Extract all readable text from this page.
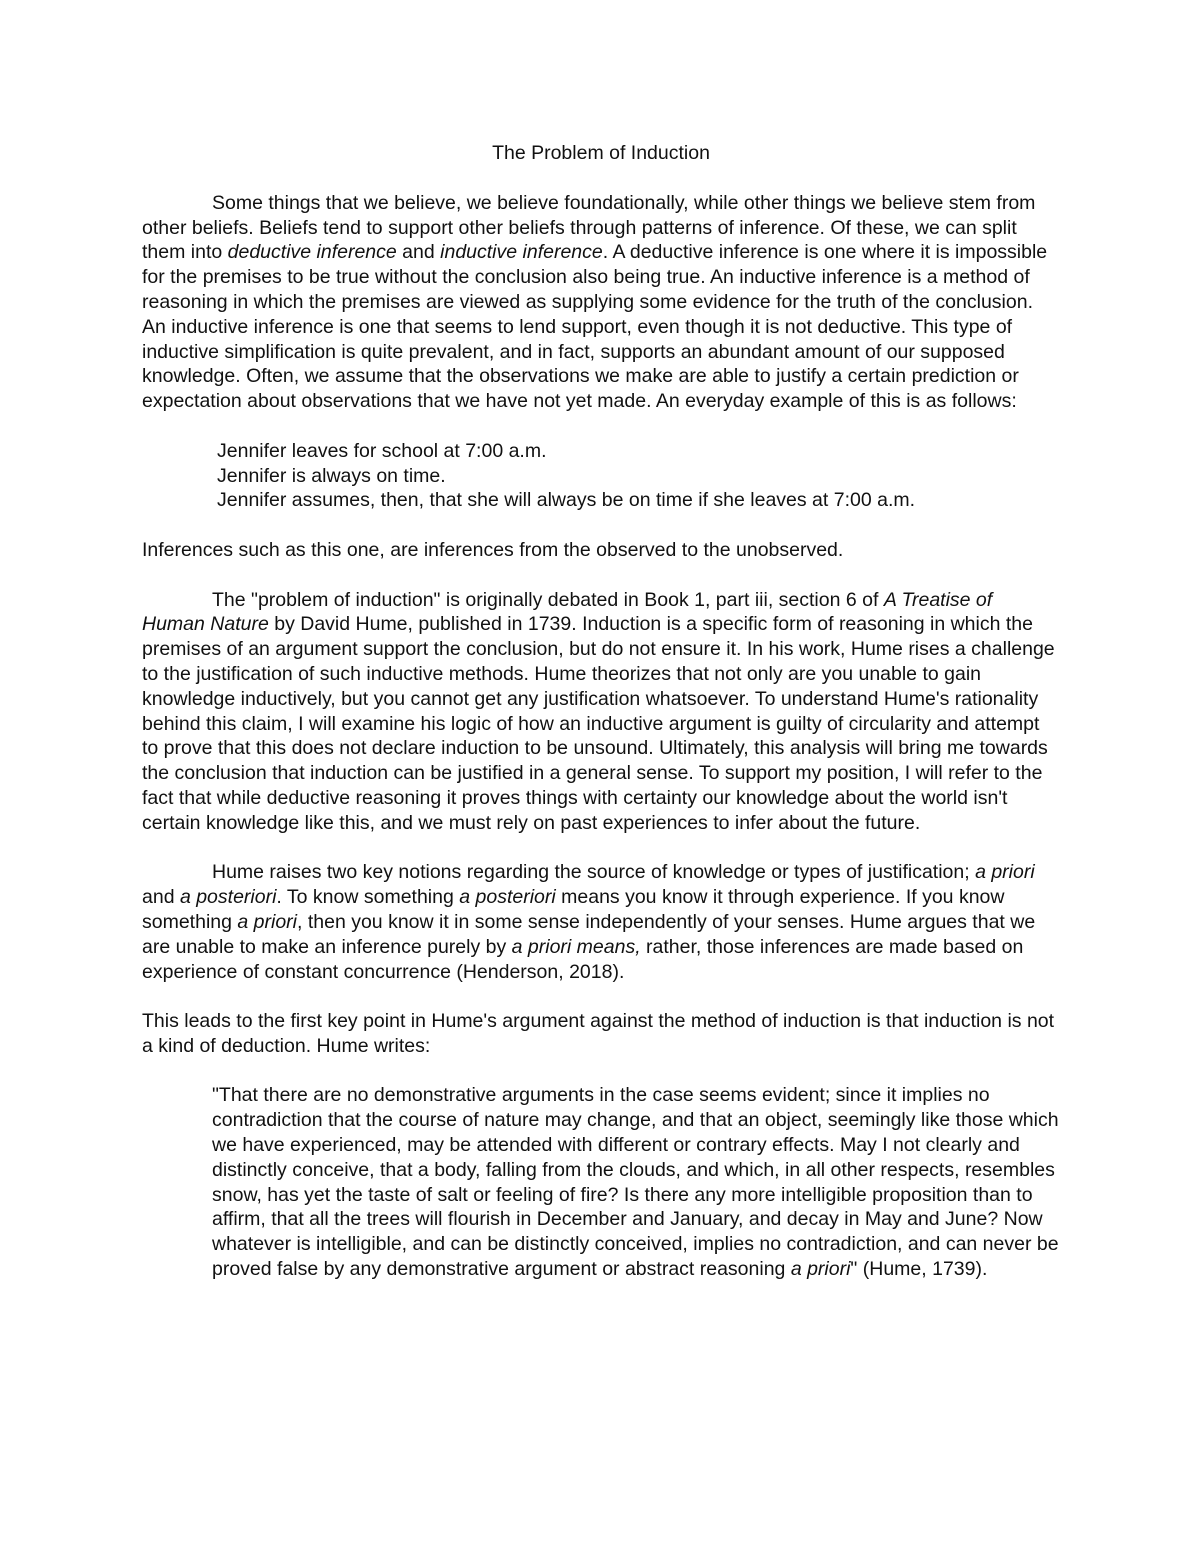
The Problem of Induction

Some things that we believe, we believe foundationally, while other things we believe stem from other beliefs. Beliefs tend to support other beliefs through patterns of inference. Of these, we can split them into deductive inference and inductive inference. A deductive inference is one where it is impossible for the premises to be true without the conclusion also being true. An inductive inference is a method of reasoning in which the premises are viewed as supplying some evidence for the truth of the conclusion. An inductive inference is one that seems to lend support, even though it is not deductive. This type of inductive simplification is quite prevalent, and in fact, supports an abundant amount of our supposed knowledge. Often, we assume that the observations we make are able to justify a certain prediction or expectation about observations that we have not yet made. An everyday example of this is as follows:

Jennifer leaves for school at 7:00 a.m.
Jennifer is always on time.
Jennifer assumes, then, that she will always be on time if she leaves at 7:00 a.m.

Inferences such as this one, are inferences from the observed to the unobserved.

The "problem of induction" is originally debated in Book 1, part iii, section 6 of A Treatise of Human Nature by David Hume, published in 1739. Induction is a specific form of reasoning in which the premises of an argument support the conclusion, but do not ensure it. In his work, Hume rises a challenge to the justification of such inductive methods. Hume theorizes that not only are you unable to gain knowledge inductively, but you cannot get any justification whatsoever. To understand Hume's rationality behind this claim, I will examine his logic of how an inductive argument is guilty of circularity and attempt to prove that this does not declare induction to be unsound. Ultimately, this analysis will bring me towards the conclusion that induction can be justified in a general sense. To support my position, I will refer to the fact that while deductive reasoning it proves things with certainty our knowledge about the world isn't certain knowledge like this, and we must rely on past experiences to infer about the future.

Hume raises two key notions regarding the source of knowledge or types of justification; a priori and a posteriori. To know something a posteriori means you know it through experience. If you know something a priori, then you know it in some sense independently of your senses. Hume argues that we are unable to make an inference purely by a priori means, rather, those inferences are made based on experience of constant concurrence (Henderson, 2018).

This leads to the first key point in Hume's argument against the method of induction is that induction is not a kind of deduction. Hume writes:

"That there are no demonstrative arguments in the case seems evident; since it implies no contradiction that the course of nature may change, and that an object, seemingly like those which we have experienced, may be attended with different or contrary effects. May I not clearly and distinctly conceive, that a body, falling from the clouds, and which, in all other respects, resembles snow, has yet the taste of salt or feeling of fire? Is there any more intelligible proposition than to affirm, that all the trees will flourish in December and January, and decay in May and June? Now whatever is intelligible, and can be distinctly conceived, implies no contradiction, and can never be proved false by any demonstrative argument or abstract reasoning a priori" (Hume, 1739).
